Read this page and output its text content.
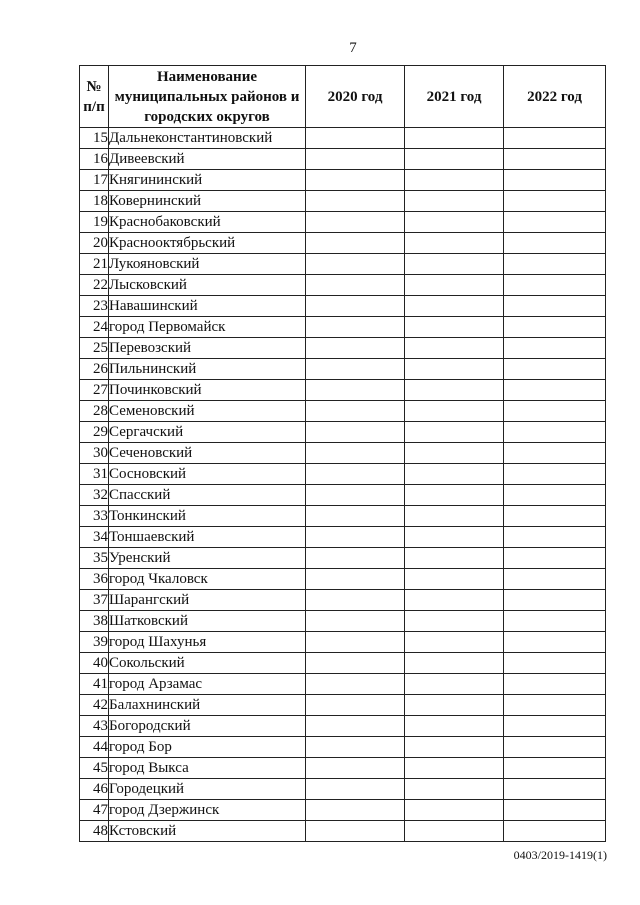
7
№ п/п	Наименование муниципальных районов и городских округов	2020 год	2021 год	2022 год
15	Дальнеконстантиновский			
16	Дивеевский			
17	Княгининский			
18	Ковернинский			
19	Краснобаковский			
20	Краснооктябрьский			
21	Лукояновский			
22	Лысковский			
23	Навашинский			
24	город Первомайск			
25	Перевозский			
26	Пильнинский			
27	Починковский			
28	Семеновский			
29	Сергачский			
30	Сеченовский			
31	Сосновский			
32	Спасский			
33	Тонкинский			
34	Тоншаевский			
35	Уренский			
36	город Чкаловск			
37	Шарангский			
38	Шатковский			
39	город Шахунья			
40	Сокольский			
41	город Арзамас			
42	Балахнинский			
43	Богородский			
44	город Бор			
45	город Выкса			
46	Городецкий			
47	город Дзержинск			
48	Кстовский			
0403/2019-1419(1)
